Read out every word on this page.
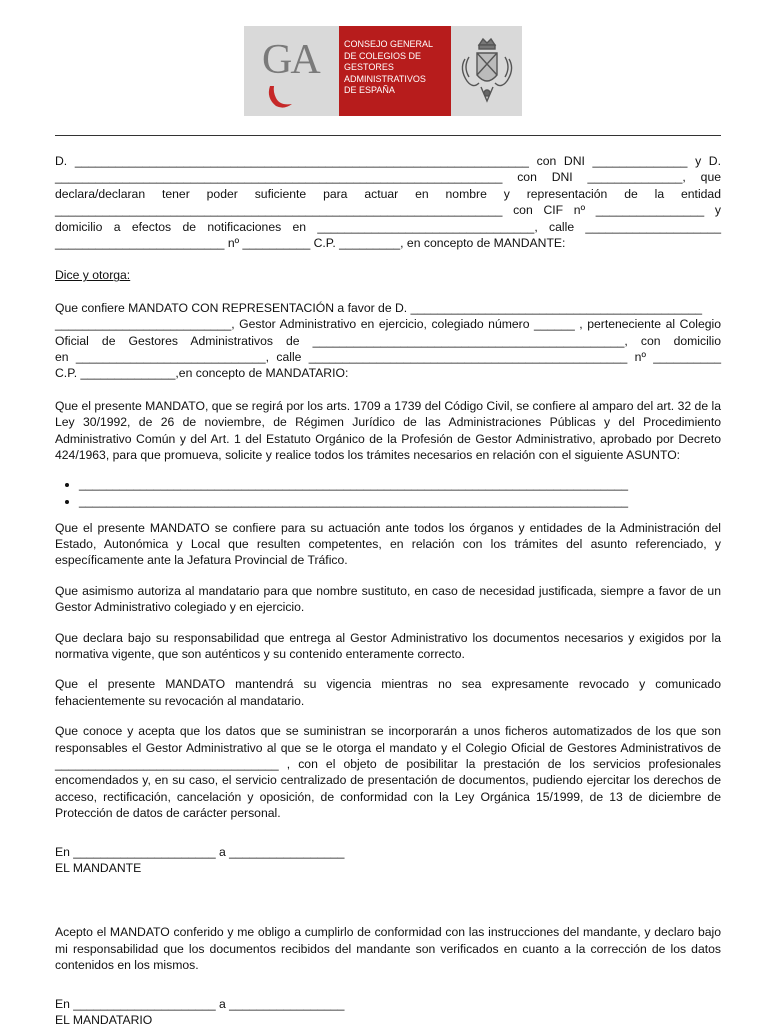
GA	CONSEJO GENERAL
DE COLEGIOS DE
GESTORES
ADMINISTRATIVOS
DE ESPAÑA

D. ___________________________________________________________________ con DNI ______________ y D.

__________________________________________________________________ con DNI ______________, que

declara/declaran tener poder suficiente para actuar en nombre y representación de la entidad

__________________________________________________________________ con CIF nº ________________ y

domicilio a efectos de notificaciones en ________________________________, calle ____________________

_________________________ nº __________ C.P. _________, en concepto de MANDANTE:

Dice y otorga:

Que confiere MANDATO CON REPRESENTACIÓN a favor de D. ___________________________________________

__________________________, Gestor Administrativo en ejercicio, colegiado número ______ , perteneciente al Colegio

Oficial de Gestores Administrativos de ______________________________________________, con domicilio

en ____________________________, calle _______________________________________________ nº __________

C.P. ______________,en concepto de MANDATARIO:

Que el presente MANDATO, que se regirá por los arts. 1709 a 1739 del Código Civil, se confiere al amparo del art. 32 de la Ley 30/1992, de 26 de noviembre, de Régimen Jurídico de las Administraciones Públicas y del Procedimiento Administrativo Común y del Art. 1 del Estatuto Orgánico de la Profesión de Gestor Administrativo, aprobado por Decreto 424/1963, para que promueva, solicite y realice todos los trámites necesarios en relación con el siguiente ASUNTO:

• _________________________________________________________________________________
• _________________________________________________________________________________

Que el presente MANDATO se confiere para su actuación ante todos los órganos y entidades de la Administración del Estado, Autonómica y Local que resulten competentes, en relación con los trámites del asunto referenciado, y específicamente ante la Jefatura Provincial de Tráfico.

Que asimismo autoriza al mandatario para que nombre sustituto, en caso de necesidad justificada, siempre a favor de un Gestor Administrativo colegiado y en ejercicio.

Que declara bajo su responsabilidad que entrega al Gestor Administrativo los documentos necesarios y exigidos por la normativa vigente, que son auténticos y su contenido enteramente correcto.

Que el presente MANDATO mantendrá su vigencia mientras no sea expresamente revocado y comunicado fehacientemente su revocación al mandatario.

Que conoce y acepta que los datos que se suministran se incorporarán a unos ficheros automatizados de los que son responsables el Gestor Administrativo al que se le otorga el mandato y el Colegio Oficial de Gestores Administrativos de _________________________________ , con el objeto de posibilitar la prestación de los servicios profesionales encomendados y, en su caso, el servicio centralizado de presentación de documentos, pudiendo ejercitar los derechos de acceso, rectificación, cancelación y oposición, de conformidad con la Ley Orgánica 15/1999, de 13 de diciembre de Protección de datos de carácter personal.

En _____________________ a _________________

EL MANDANTE

Acepto el MANDATO conferido y me obligo a cumplirlo de conformidad con las instrucciones del mandante, y declaro bajo mi responsabilidad que los documentos recibidos del mandante son verificados en cuanto a la corrección de los datos contenidos en los mismos.

En _____________________ a _________________

EL MANDATARIO
